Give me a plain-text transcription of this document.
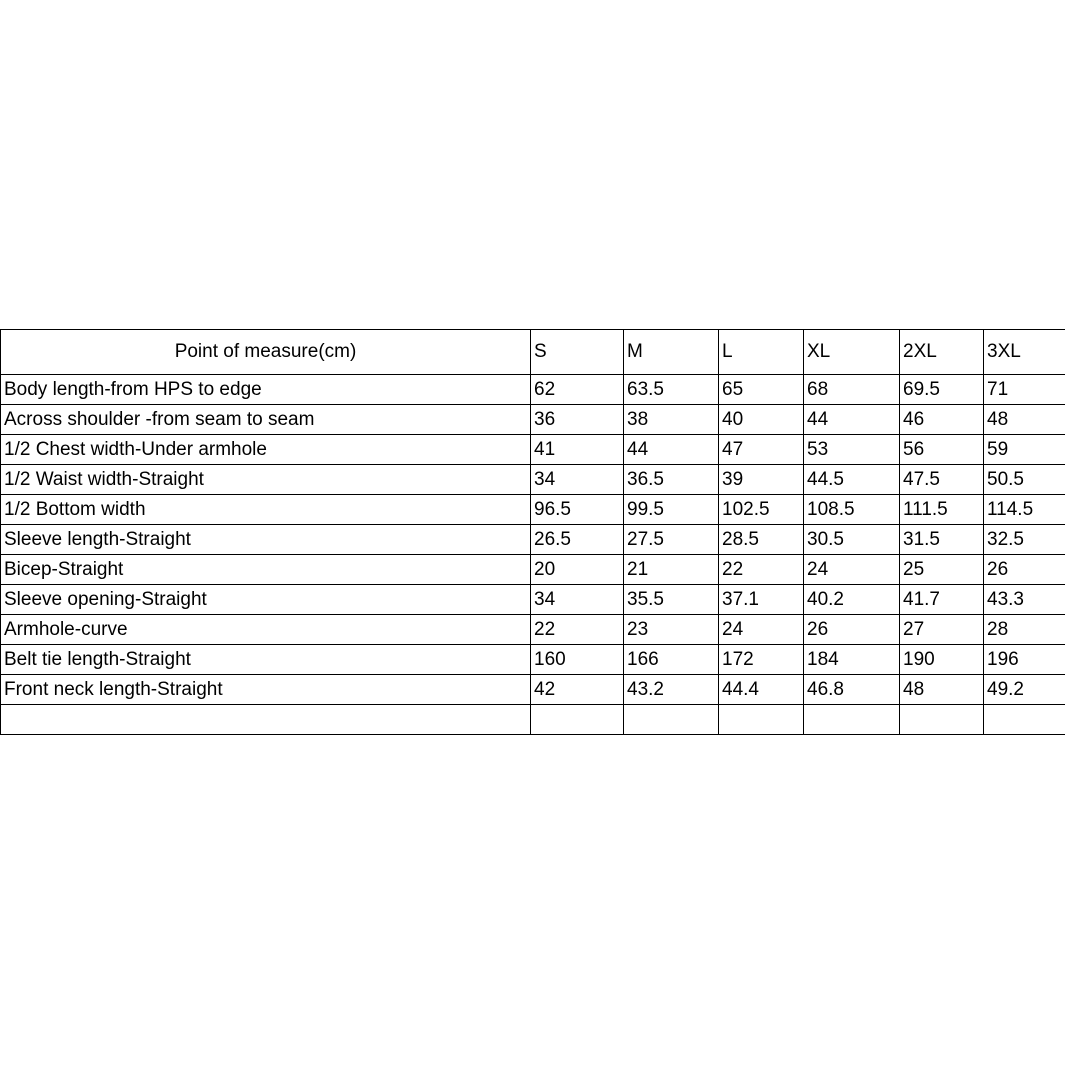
Point of measure(cm)	S	M	L	XL	2XL	3XL
Body length-from HPS to edge	62	63.5	65	68	69.5	71
Across shoulder -from seam to seam	36	38	40	44	46	48
1/2 Chest width-Under armhole	41	44	47	53	56	59
1/2 Waist width-Straight	34	36.5	39	44.5	47.5	50.5
1/2 Bottom width	96.5	99.5	102.5	108.5	111.5	114.5
Sleeve length-Straight	26.5	27.5	28.5	30.5	31.5	32.5
Bicep-Straight	20	21	22	24	25	26
Sleeve opening-Straight	34	35.5	37.1	40.2	41.7	43.3
Armhole-curve	22	23	24	26	27	28
Belt tie length-Straight	160	166	172	184	190	196
Front neck length-Straight	42	43.2	44.4	46.8	48	49.2
